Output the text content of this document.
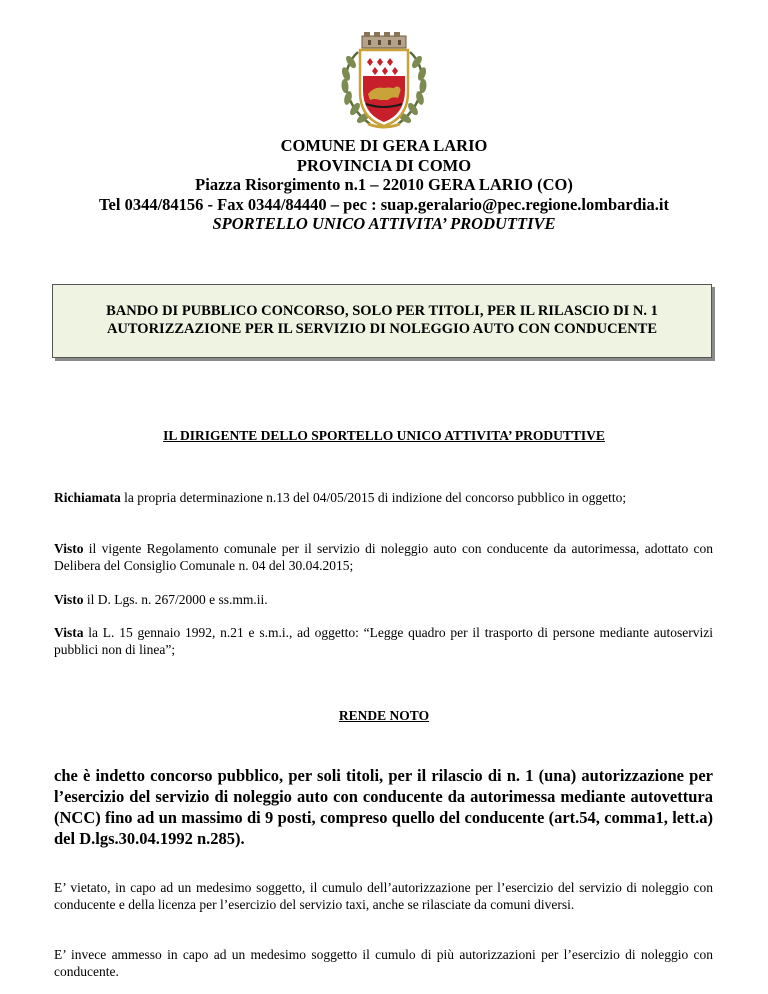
COMUNE DI GERA LARIO
PROVINCIA DI COMO
Piazza Risorgimento n.1 – 22010 GERA LARIO (CO)
Tel 0344/84156 - Fax 0344/84440 – pec : suap.geralario@pec.regione.lombardia.it
SPORTELLO UNICO ATTIVITA’ PRODUTTIVE
BANDO DI PUBBLICO CONCORSO, SOLO PER TITOLI, PER IL RILASCIO DI N. 1
AUTORIZZAZIONE PER IL SERVIZIO DI NOLEGGIO AUTO CON CONDUCENTE
IL DIRIGENTE DELLO SPORTELLO UNICO ATTIVITA’ PRODUTTIVE
Richiamata la propria determinazione n.13 del 04/05/2015 di indizione del concorso pubblico in oggetto;
Visto il vigente Regolamento comunale per il servizio di noleggio auto con conducente da autorimessa, adottato con Delibera del Consiglio Comunale n. 04 del 30.04.2015;
Visto il D. Lgs. n. 267/2000 e ss.mm.ii.
Vista la L. 15 gennaio 1992, n.21 e s.m.i., ad oggetto: “Legge quadro per il trasporto di persone mediante autoservizi pubblici non di linea”;
RENDE NOTO
che è indetto concorso pubblico, per soli titoli, per il rilascio di n. 1 (una) autorizzazione per l’esercizio del servizio di noleggio auto con conducente da autorimessa mediante autovettura (NCC) fino ad un massimo di 9 posti, compreso quello del conducente (art.54, comma1, lett.a) del D.lgs.30.04.1992 n.285).
E’ vietato, in capo ad un medesimo soggetto, il cumulo dell’autorizzazione per l’esercizio del servizio di noleggio con conducente e della licenza per l’esercizio del servizio taxi, anche se rilasciate da comuni diversi.
E’ invece ammesso in capo ad un medesimo soggetto il cumulo di più autorizzazioni per l’esercizio di noleggio con conducente.
